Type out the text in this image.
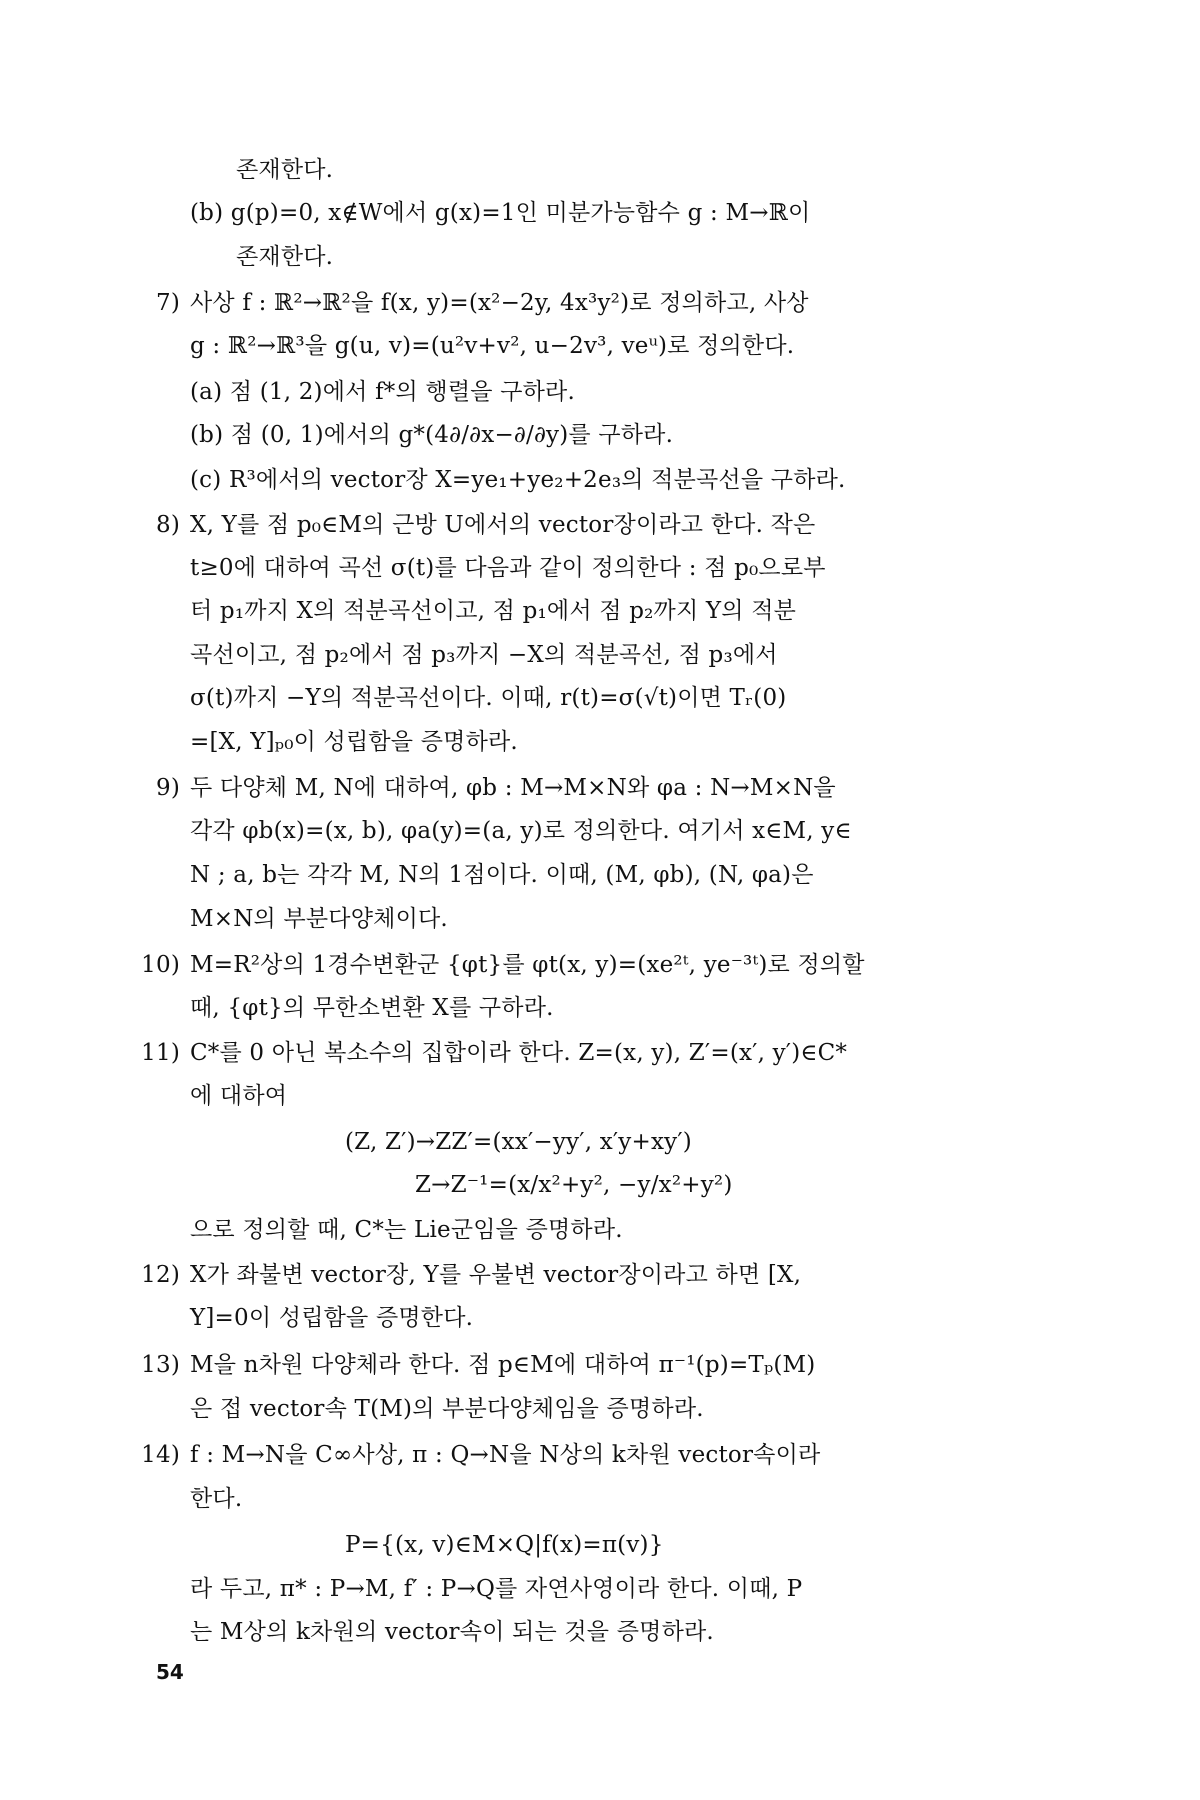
존재한다.
(b) g(p)=0, x∉W에서 g(x)=1인 미분가능함수 g : M→ℝ이
존재한다.
7) 사상 f : ℝ²→ℝ²을 f(x, y)=(x²−2y, 4x³y²)로 정의하고, 사상
g : ℝ²→ℝ³을 g(u, v)=(u²v+v², u−2v³, veᵘ)로 정의한다.
(a) 점 (1, 2)에서 f*의 행렬을 구하라.
(b) 점 (0, 1)에서의 g*(4∂/∂x−∂/∂y)를 구하라.
(c) R³에서의 vector장 X=ye₁+ye₂+2e₃의 적분곡선을 구하라.
8) X, Y를 점 p₀∈M의 근방 U에서의 vector장이라고 한다. 작은
t≥0에 대하여 곡선 σ(t)를 다음과 같이 정의한다 : 점 p₀으로부
터 p₁까지 X의 적분곡선이고, 점 p₁에서 점 p₂까지 Y의 적분
곡선이고, 점 p₂에서 점 p₃까지 −X의 적분곡선, 점 p₃에서
σ(t)까지 −Y의 적분곡선이다. 이때, r(t)=σ(√t)이면 Tᵣ(0)
=[X, Y]ₚ₀이 성립함을 증명하라.
9) 두 다양체 M, N에 대하여, φb : M→M×N와 φa : N→M×N을
각각 φb(x)=(x, b), φa(y)=(a, y)로 정의한다. 여기서 x∈M, y∈
N ; a, b는 각각 M, N의 1점이다. 이때, (M, φb), (N, φa)은
M×N의 부분다양체이다.
10) M=R²상의 1경수변환군 {φt}를 φt(x, y)=(xe²ᵗ, ye⁻³ᵗ)로 정의할
때, {φt}의 무한소변환 X를 구하라.
11) C*를 0 아닌 복소수의 집합이라 한다. Z=(x, y), Z′=(x′, y′)∈C*
에 대하여
(Z, Z′)→ZZ′=(xx′−yy′, x′y+xy′)
Z→Z⁻¹=(x/x²+y², −y/x²+y²)
으로 정의할 때, C*는 Lie군임을 증명하라.
12) X가 좌불변 vector장, Y를 우불변 vector장이라고 하면 [X,
Y]=0이 성립함을 증명한다.
13) M을 n차원 다양체라 한다. 점 p∈M에 대하여 π⁻¹(p)=Tₚ(M)
은 접 vector속 T(M)의 부분다양체임을 증명하라.
14) f : M→N을 C∞사상, π : Q→N을 N상의 k차원 vector속이라
한다.
P={(x, v)∈M×Q|f(x)=π(v)}
라 두고, π* : P→M, f′ : P→Q를 자연사영이라 한다. 이때, P
는 M상의 k차원의 vector속이 되는 것을 증명하라.
54
